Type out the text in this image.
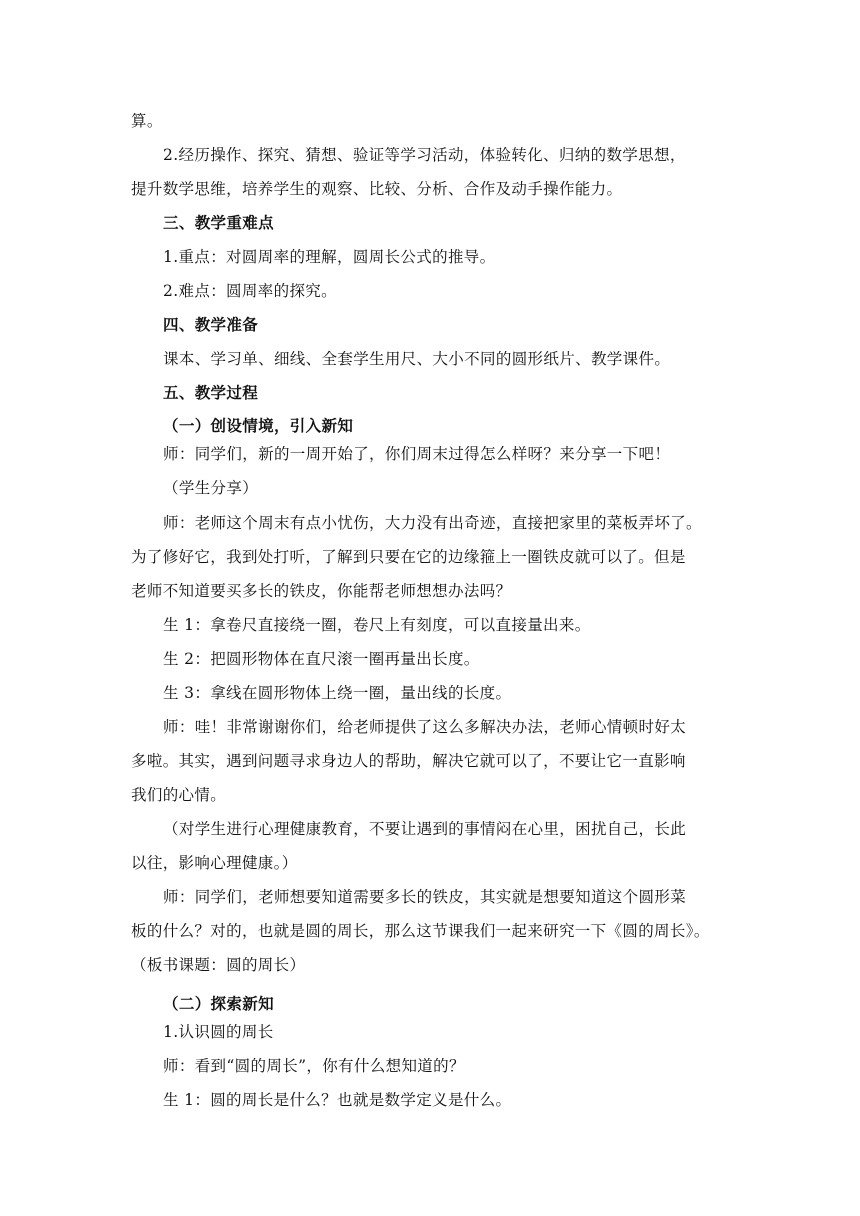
算。
2.经历操作、探究、猜想、验证等学习活动，体验转化、归纳的数学思想，
提升数学思维，培养学生的观察、比较、分析、合作及动手操作能力。
三、教学重难点
1.重点：对圆周率的理解，圆周长公式的推导。
2.难点：圆周率的探究。
四、教学准备
课本、学习单、细线、全套学生用尺、大小不同的圆形纸片、教学课件。
五、教学过程
（一）创设情境，引入新知
师：同学们，新的一周开始了，你们周末过得怎么样呀？来分享一下吧！
（学生分享）
师：老师这个周末有点小忧伤，大力没有出奇迹，直接把家里的菜板弄坏了。
为了修好它，我到处打听，了解到只要在它的边缘箍上一圈铁皮就可以了。但是
老师不知道要买多长的铁皮，你能帮老师想想办法吗？
生 1：拿卷尺直接绕一圈，卷尺上有刻度，可以直接量出来。
生 2：把圆形物体在直尺滚一圈再量出长度。
生 3：拿线在圆形物体上绕一圈，量出线的长度。
师：哇！非常谢谢你们，给老师提供了这么多解决办法，老师心情顿时好太
多啦。其实，遇到问题寻求身边人的帮助，解决它就可以了，不要让它一直影响
我们的心情。
（对学生进行心理健康教育，不要让遇到的事情闷在心里，困扰自己，长此
以往，影响心理健康。）
师：同学们，老师想要知道需要多长的铁皮，其实就是想要知道这个圆形菜
板的什么？对的，也就是圆的周长，那么这节课我们一起来研究一下《圆的周长》。
（板书课题：圆的周长）
（二）探索新知
1.认识圆的周长
师：看到“圆的周长”，你有什么想知道的？
生 1：圆的周长是什么？也就是数学定义是什么。
